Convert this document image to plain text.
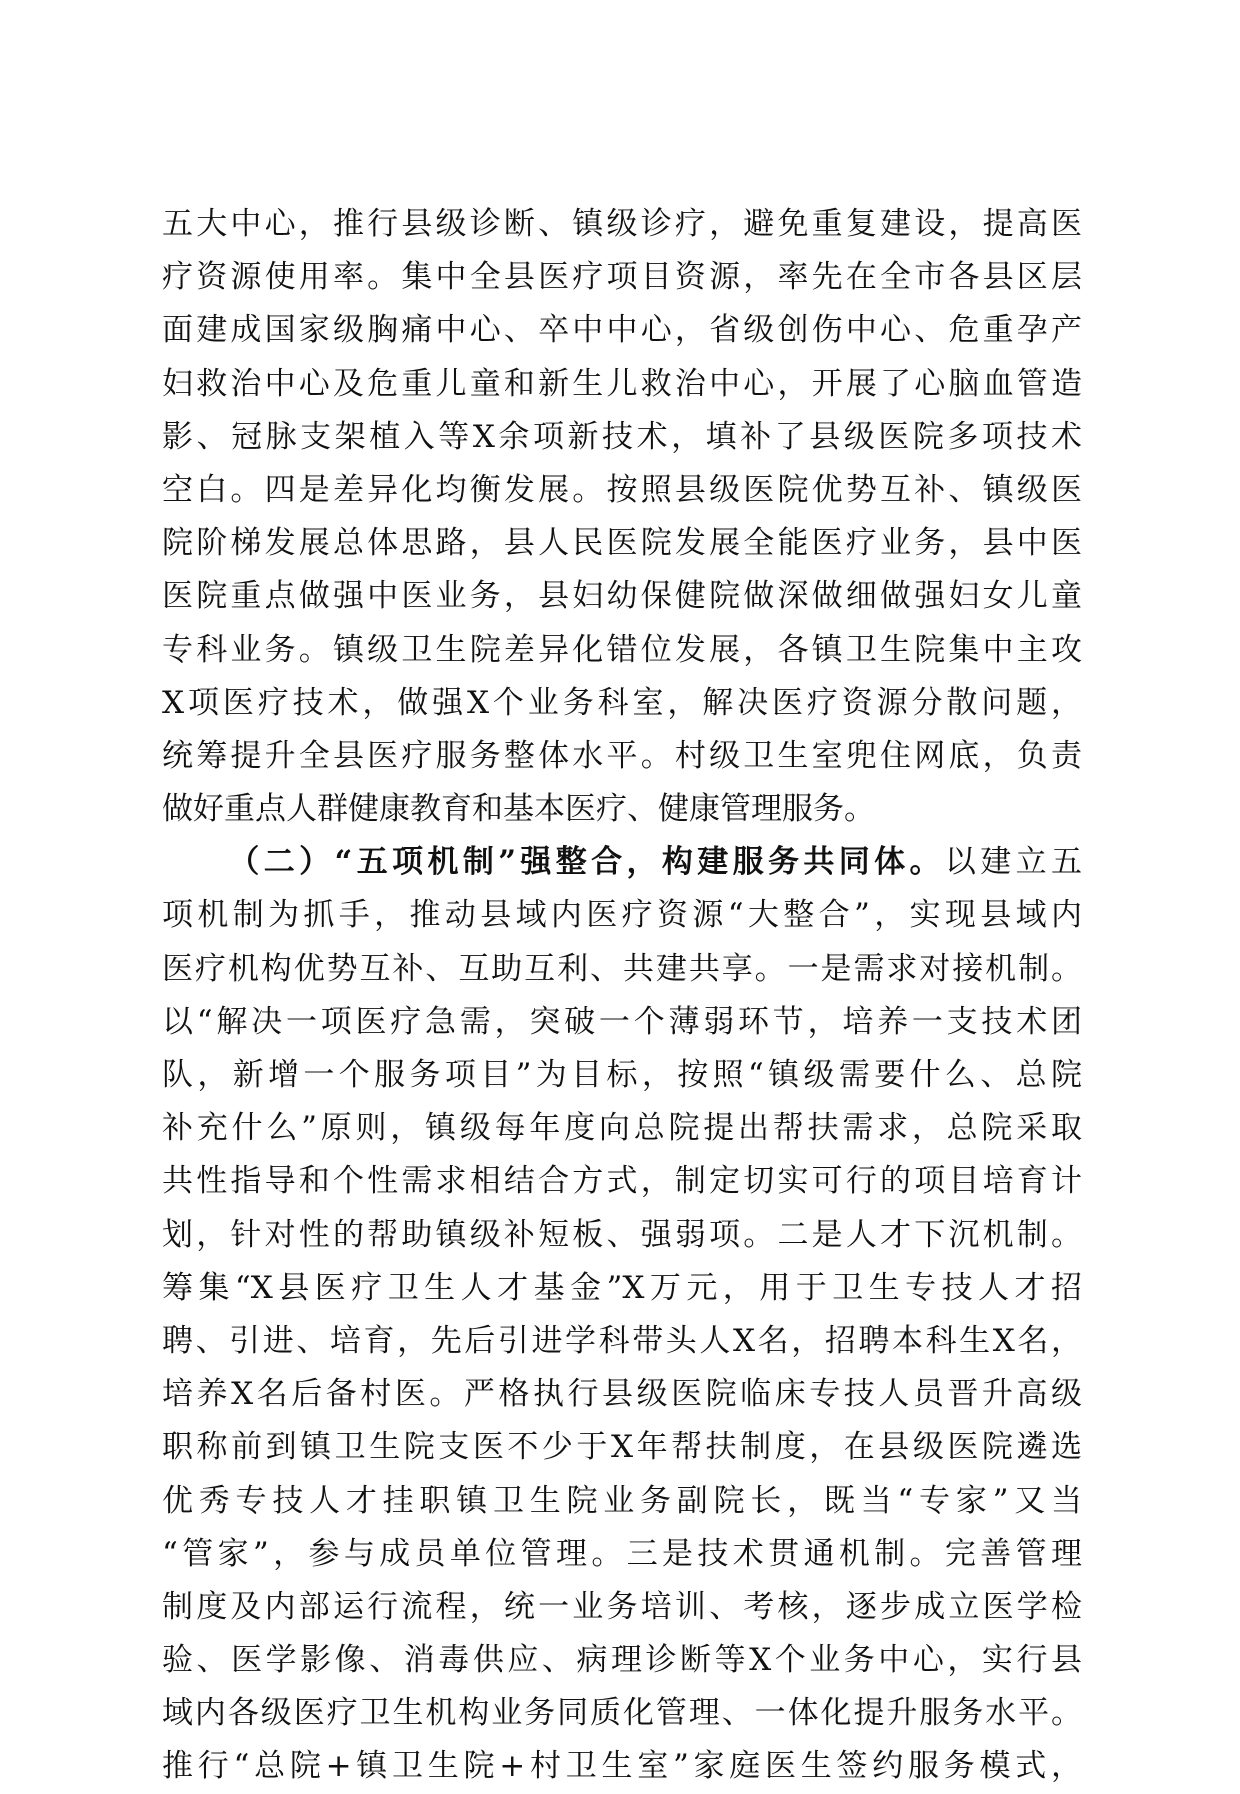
五大中心，推行县级诊断、镇级诊疗，避免重复建设，提高医
疗资源使用率。集中全县医疗项目资源，率先在全市各县区层
面建成国家级胸痛中心、卒中中心，省级创伤中心、危重孕产
妇救治中心及危重儿童和新生儿救治中心，开展了心脑血管造
影、冠脉支架植入等X余项新技术，填补了县级医院多项技术
空白。四是差异化均衡发展。按照县级医院优势互补、镇级医
院阶梯发展总体思路，县人民医院发展全能医疗业务，县中医
医院重点做强中医业务，县妇幼保健院做深做细做强妇女儿童
专科业务。镇级卫生院差异化错位发展，各镇卫生院集中主攻
X项医疗技术，做强X个业务科室，解决医疗资源分散问题，
统筹提升全县医疗服务整体水平。村级卫生室兜住网底，负责
做好重点人群健康教育和基本医疗、健康管理服务。
（二）“五项机制”强整合，构建服务共同体。以建立五
项机制为抓手，推动县域内医疗资源“大整合”，实现县域内
医疗机构优势互补、互助互利、共建共享。一是需求对接机制。
以“解决一项医疗急需，突破一个薄弱环节，培养一支技术团
队，新增一个服务项目”为目标，按照“镇级需要什么、总院
补充什么”原则，镇级每年度向总院提出帮扶需求，总院采取
共性指导和个性需求相结合方式，制定切实可行的项目培育计
划，针对性的帮助镇级补短板、强弱项。二是人才下沉机制。
筹集“X县医疗卫生人才基金”X万元，用于卫生专技人才招
聘、引进、培育，先后引进学科带头人X名，招聘本科生X名，
培养X名后备村医。严格执行县级医院临床专技人员晋升高级
职称前到镇卫生院支医不少于X年帮扶制度，在县级医院遴选
优秀专技人才挂职镇卫生院业务副院长，既当“专家”又当
“管家”，参与成员单位管理。三是技术贯通机制。完善管理
制度及内部运行流程，统一业务培训、考核，逐步成立医学检
验、医学影像、消毒供应、病理诊断等X个业务中心，实行县
域内各级医疗卫生机构业务同质化管理、一体化提升服务水平。
推行“总院+镇卫生院+村卫生室”家庭医生签约服务模式，
